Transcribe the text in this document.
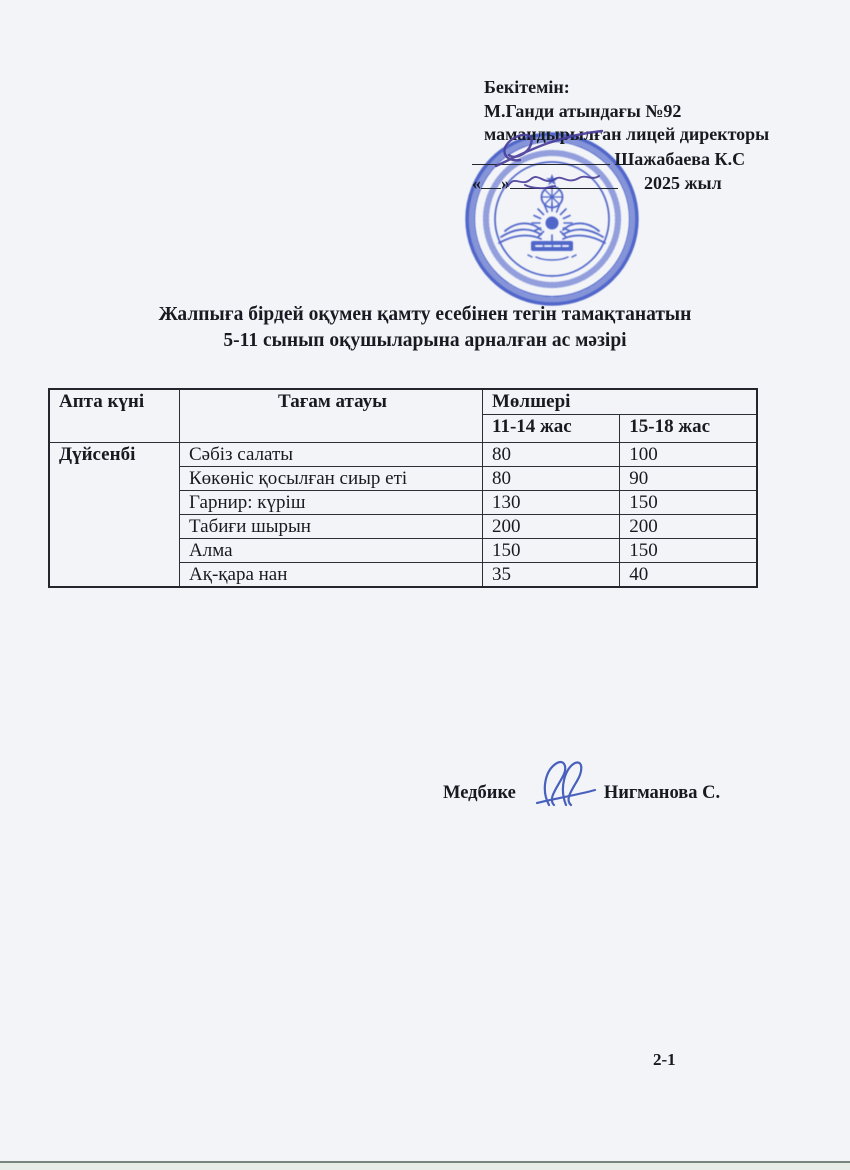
Бекітемін:
М.Ганди атындағы №92
мамандырылған лицей директоры
Шажабаева К.С
« »	2025 жыл
Жалпыға бірдей оқумен қамту есебінен тегін тамақтанатын
5-11 сынып оқушыларына арналған ас мәзірі
Апта күні	Тағам атауы	Мөлшері	
		11-14 жас	15-18 жас
Дүйсенбі	Сәбіз салаты	80	100
	Көкөніс қосылған сиыр еті	80	90
	Гарнир: күріш	130	150
	Табиғи шырын	200	200
	Алма	150	150
	Ақ-қара нан	35	40
Медбике	Нигманова С.
2-1
